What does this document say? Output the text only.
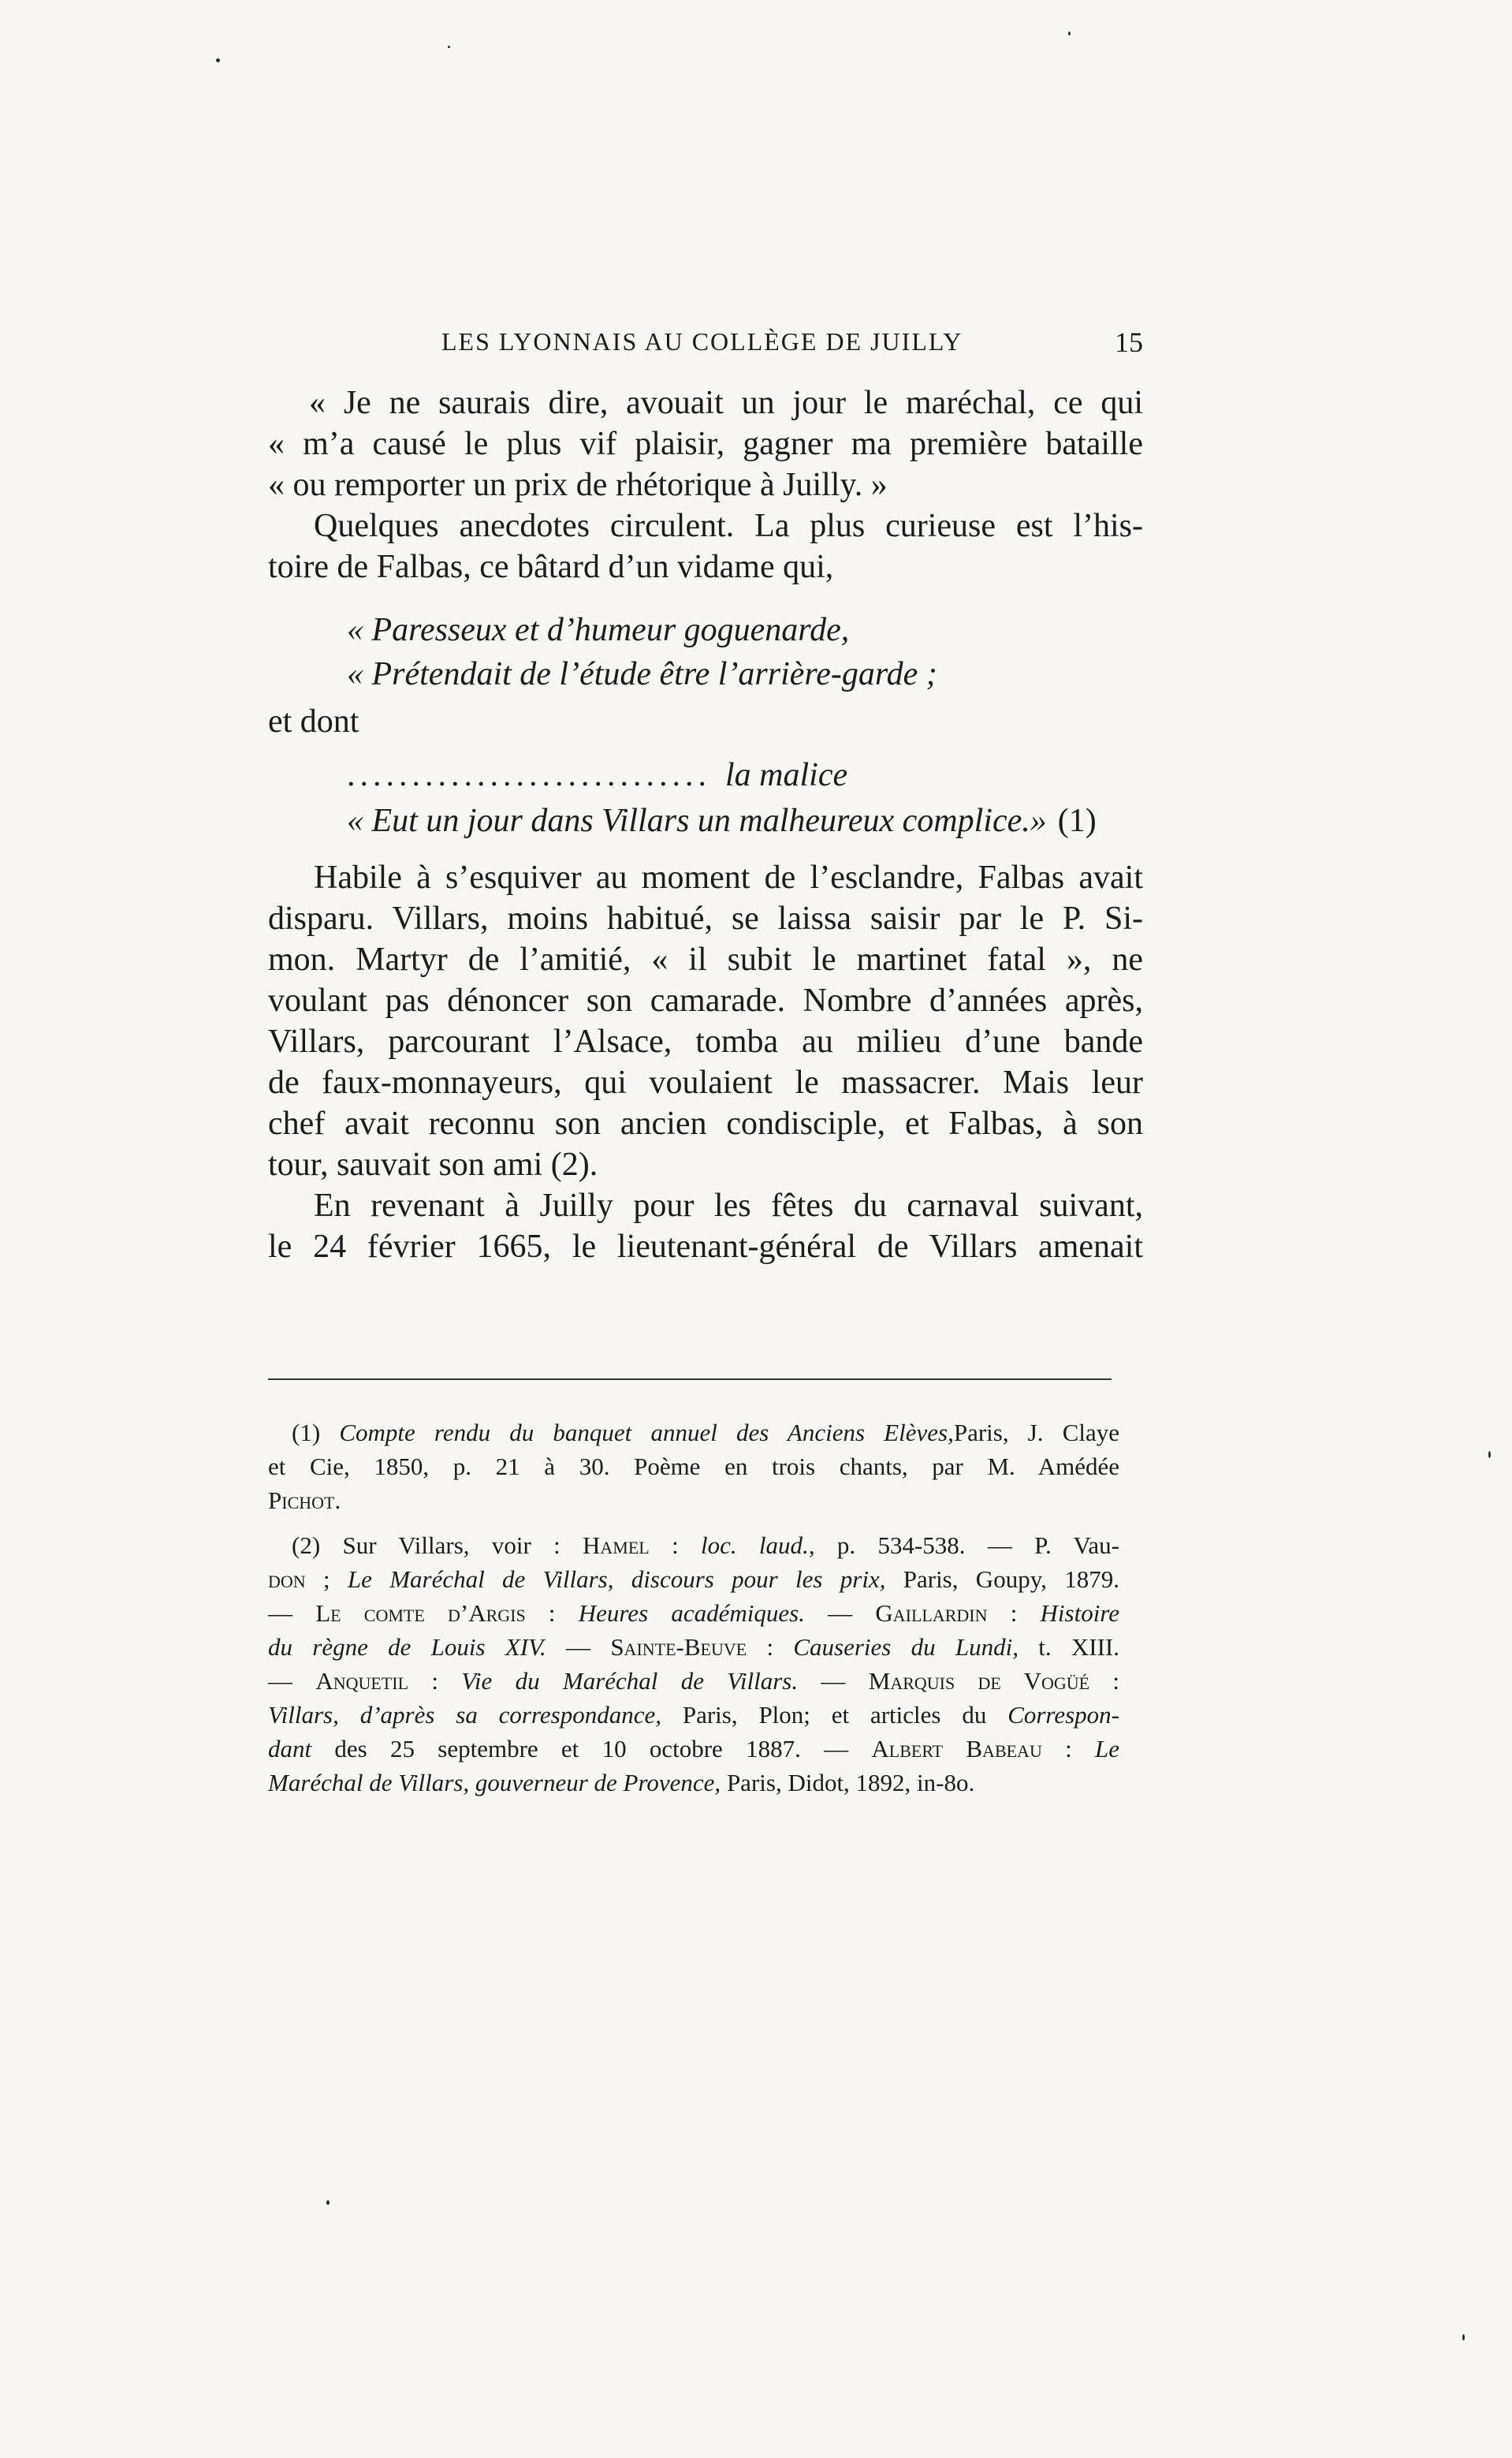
LES LYONNAIS AU COLLÈGE DE JUILLY	15
« Je ne saurais dire, avouait un jour le maréchal, ce qui
« m’a causé le plus vif plaisir, gagner ma première bataille
« ou remporter un prix de rhétorique à Juilly. »
Quelques anecdotes circulent. La plus curieuse est l’his-
toire de Falbas, ce bâtard d’un vidame qui,
« Paresseux et d’humeur goguenarde,
« Prétendait de l’étude être l’arrière-garde ;
et dont
............................ la malice
« Eut un jour dans Villars un malheureux complice.» (1)
Habile à s’esquiver au moment de l’esclandre, Falbas avait
disparu. Villars, moins habitué, se laissa saisir par le P. Si-
mon. Martyr de l’amitié, « il subit le martinet fatal », ne
voulant pas dénoncer son camarade. Nombre d’années après,
Villars, parcourant l’Alsace, tomba au milieu d’une bande
de faux-monnayeurs, qui voulaient le massacrer. Mais leur
chef avait reconnu son ancien condisciple, et Falbas, à son
tour, sauvait son ami (2).
En revenant à Juilly pour les fêtes du carnaval suivant,
le 24 février 1665, le lieutenant-général de Villars amenait
(1) Compte rendu du banquet annuel des Anciens Elèves,Paris, J. Claye
et Cie, 1850, p. 21 à 30. Poème en trois chants, par M. Amédée
Pichot.
(2) Sur Villars, voir : Hamel : loc. laud., p. 534-538. — P. Vau-
don ; Le Maréchal de Villars, discours pour les prix, Paris, Goupy, 1879.
— Le comte d’Argis : Heures académiques. — Gaillardin : Histoire
du règne de Louis XIV. — Sainte-Beuve : Causeries du Lundi, t. XIII.
— Anquetil : Vie du Maréchal de Villars. — Marquis de Vogüé :
Villars, d’après sa correspondance, Paris, Plon; et articles du Correspon-
dant des 25 septembre et 10 octobre 1887. — Albert Babeau : Le
Maréchal de Villars, gouverneur de Provence, Paris, Didot, 1892, in-8o.
